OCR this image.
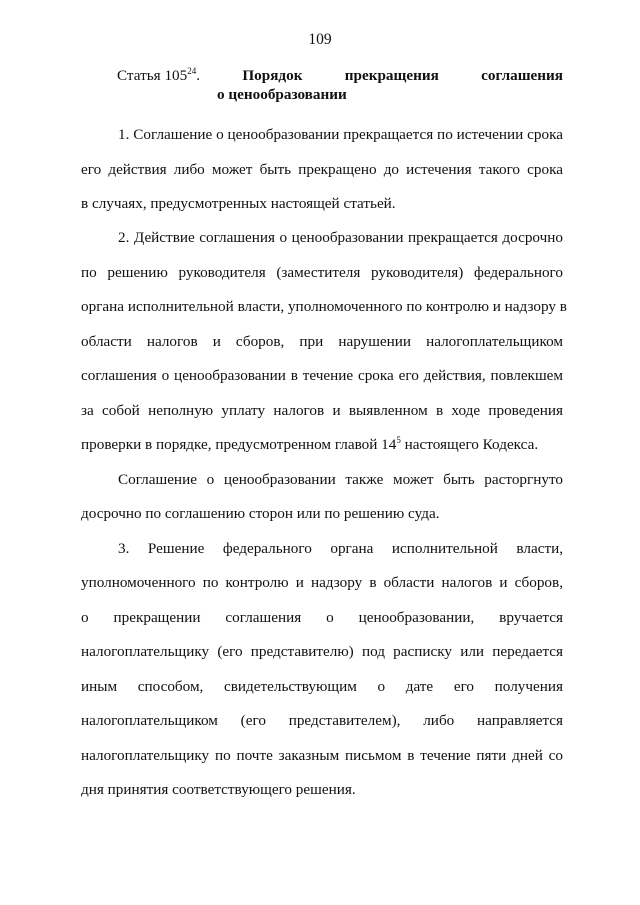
109
Статья $105^{24}$.	Порядок	прекращения	соглашения
о ценообразовании
1. Соглашение о ценообразовании прекращается по истечении срока
его действия либо может быть прекращено до истечения такого срока
в случаях, предусмотренных настоящей статьей.
2. Действие соглашения о ценообразовании прекращается досрочно
по решению руководителя (заместителя руководителя) федерального
органа исполнительной власти, уполномоченного по контролю и надзору в
области налогов и сборов, при нарушении налогоплательщиком
соглашения о ценообразовании в течение срока его действия, повлекшем
за собой неполную уплату налогов и выявленном в ходе проведения
проверки в порядке, предусмотренном главой $14^5$ настоящего Кодекса.
Соглашение о ценообразовании также может быть расторгнуто
досрочно по соглашению сторон или по решению суда.
3. Решение федерального органа исполнительной власти,
уполномоченного по контролю и надзору в области налогов и сборов,
о прекращении соглашения о ценообразовании, вручается
налогоплательщику (его представителю) под расписку или передается
иным способом, свидетельствующим о дате его получения
налогоплательщиком (его представителем), либо направляется
налогоплательщику по почте заказным письмом в течение пяти дней со
дня принятия соответствующего решения.
